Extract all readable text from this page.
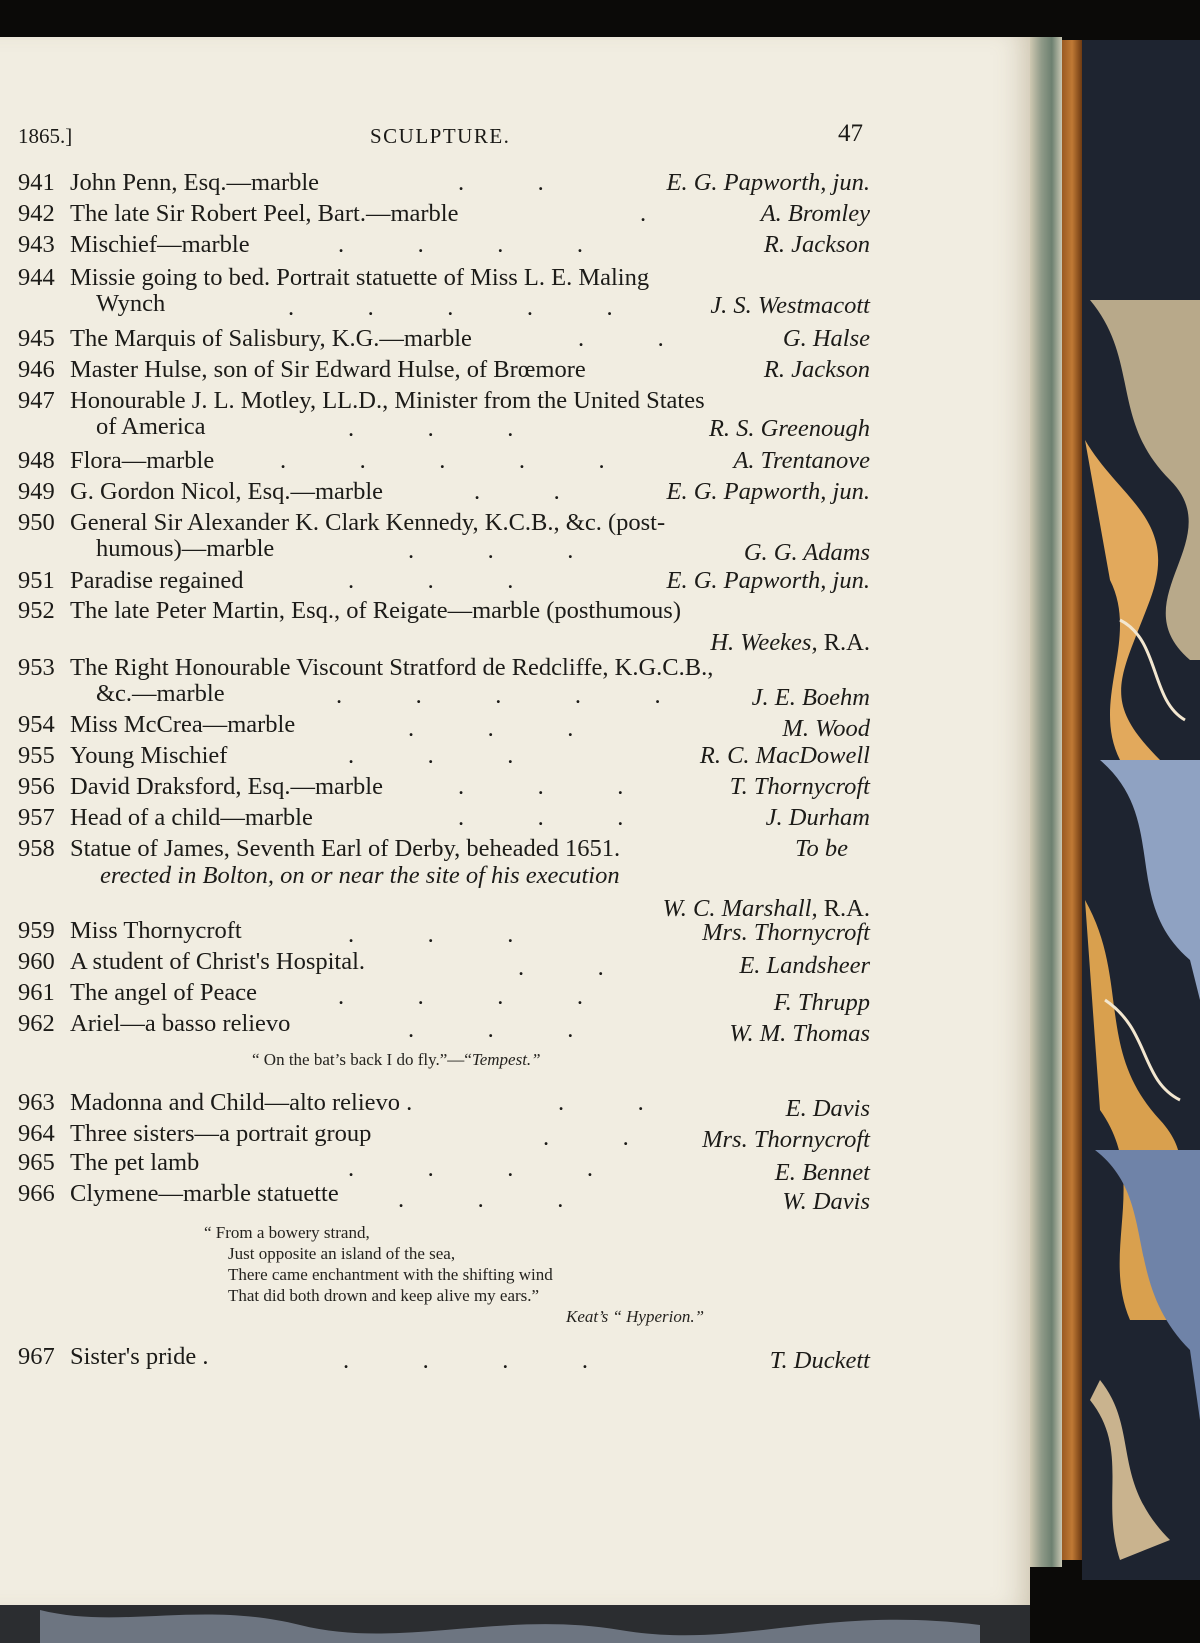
1865.]	SCULPTURE.	47
941 John Penn, Esq.—marble	.   .	E. G. Papworth, jun.
942 The late Sir Robert Peel, Bart.—marble	.	A. Bromley
943 Mischief—marble	.   .   .   .	R. Jackson
944 Missie going to bed. Portrait statuette of Miss L. E. Maling
Wynch	.   .   .   .   .	J. S. Westmacott
945 The Marquis of Salisbury, K.G.—marble	.   .	G. Halse
946 Master Hulse, son of Sir Edward Hulse, of Brœmore	R. Jackson
947 Honourable J. L. Motley, LL.D., Minister from the United States
of America	.   .   .	R. S. Greenough
948 Flora—marble	.   .   .   .   .	A. Trentanove
949 G. Gordon Nicol, Esq.—marble	.   .	E. G. Papworth, jun.
950 General Sir Alexander K. Clark Kennedy, K.C.B., &c. (post-
humous)—marble	.   .   .	G. G. Adams
951 Paradise regained	.   .   .	E. G. Papworth, jun.
952 The late Peter Martin, Esq., of Reigate—marble (posthumous)
H. Weekes, R.A.
953 The Right Honourable Viscount Stratford de Redcliffe, K.G.C.B.,
&c.—marble	.   .   .   .   .	J. E. Boehm
954 Miss McCrea—marble	.   .   .	M. Wood
955 Young Mischief	.   .   .	R. C. MacDowell
956 David Draksford, Esq.—marble	.   .   .	T. Thornycroft
957 Head of a child—marble	.   .   .	J. Durham
958 Statue of James, Seventh Earl of Derby, beheaded 1651.	To be
erected in Bolton, on or near the site of his execution
W. C. Marshall, R.A.
959 Miss Thornycroft	.   .   .	Mrs. Thornycroft
960 A student of Christ's Hospital.	.   .	E. Landsheer
961 The angel of Peace	.   .   .   .	F. Thrupp
962 Ariel—a basso relievo	.   .   .	W. M. Thomas
“ On the bat’s back I do fly.”—“Tempest.”
963 Madonna and Child—alto relievo .	.   .	E. Davis
964 Three sisters—a portrait group	.   .	Mrs. Thornycroft
965 The pet lamb	.   .   .   .	E. Bennet
966 Clymene—marble statuette .   .   .	W. Davis
“ From a bowery strand,
Just opposite an island of the sea,
There came enchantment with the shifting wind
That did both drown and keep alive my ears.”
Keat’s “ Hyperion.”
967 Sister's pride .	.   .   .   .	T. Duckett
